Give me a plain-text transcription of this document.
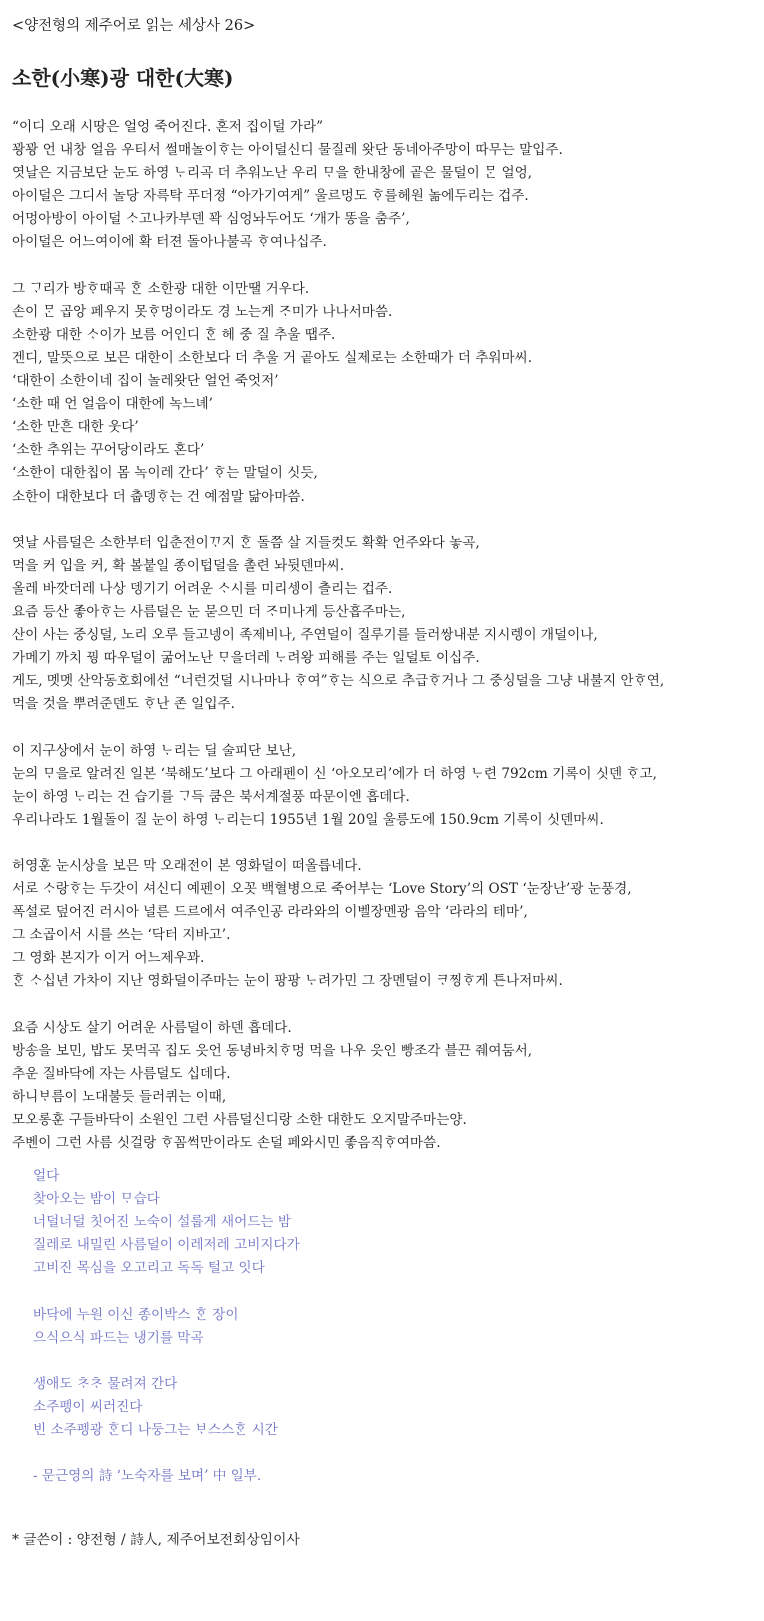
<양전형의 제주어로 읽는 세상사 26>
소한(小寒)광 대한(大寒)
“이디 오래 시땅은 얼엉 죽어진다. 혼저 집이덜 가라”
꽝꽝 언 내창 얼음 우티서 썰매놀이ᄒᆞ는 아이덜신디 물질레 왓단 동네아주망이 따무는 말입주.
엿날은 지금보단 눈도 하영 ᄂᆞ리곡 더 추워노난 우리 ᄆᆞ을 한내창에 곹은 물덜이 ᄆᆞᆫ 얼엉,
아이덜은 그디서 놀당 자륵탁 푸더졍 “아가기여게” 울르멍도 ᄒᆞ를헤원 놂에두리는 겁주.
어멍아방이 아이덜 ᄉᆞ고나카부덴 꽉 심엉놔두어도 ‘개가 똥을 춤주’,
아이덜은 어느여이에 확 터젼 돌아나불곡 ᄒᆞ여나십주.
그 ᄀᆞ리가 방ᄒᆞ때곡 ᄒᆞᆫ 소한광 대한 이만땔 거우다.
손이 ᄆᆞᆫ 곱앙 페우지 못ᄒᆞ멍이라도 경 노는게 ᄌᆞ미가 나나서마씀.
소한광 대한 ᄉᆞ이가 보름 어인디 ᄒᆞᆫ 헤 중 질 추울 땝주.
겐디, 말뜻으로 보믄 대한이 소한보다 더 추울 거 곹아도 실제로는 소한때가 더 추워마씨.
‘대한이 소한이네 집이 놀레왓단 얼언 죽엇저’
‘소한 때 언 얼음이 대한에 녹느녜’
‘소한 만흔 대한 웃다’
‘소한 추위는 꾸어당이라도 혼다’
‘소한이 대한칩이 몸 녹이레 간다’ ᄒᆞ는 말덜이 싯듯,
소한이 대한보다 더 춥뎅ᄒᆞ는 건 예점말 닮아마씀.
엿날 사름덜은 소한부터 입춘전이ᄁᆞ지 ᄒᆞᆫ 돌쯤 살 지들컷도 확확 언주와다 놓곡,
먹을 커 입을 커, 확 볼붙일 종이텁덜을 촐련 놔뒷덴마씨.
올레 바깟더레 나상 뎅기기 어려운 ᄉᆞ시를 미리셍이 츨리는 겁주.
요즘 등산 좋아ᄒᆞ는 사름덜은 눈 묻으민 더 ᄌᆞ미나게 등산흡주마는,
산이 사는 중싱덜, 노리 오루 들고넹이 족제비나, 주연덜이 질루기를 들러쌍내분 지시렝이 개덜이나,
가메기 까치 꿩 따우덜이 굶어노난 ᄆᆞ을더레 ᄂᆞ려왕 피해를 주는 일덜토 이십주.
게도, 멧멧 산악동호회에선 “너런것덜 시나마나 ᄒᆞ여”ᄒᆞ는 식으로 추급ᄒᆞ거나 그 중싱덜을 그냥 내불지 안ᄒᆞ연,
먹을 것을 뿌려준덴도 ᄒᆞ난 존 일입주.
이 지구상에서 눈이 하영 ᄂᆞ리는 딜 술피단 보난,
눈의 ᄆᆞ을로 알려진 일본 ‘북해도’보다 그 아래펜이 신 ‘아오모리’에가 더 하영 ᄂᆞ련 792cm 기록이 싯덴 ᄒᆞ고,
눈이 하영 ᄂᆞ리는 건 습기를 ᄀᆞ득 쿰은 북서계절풍 따문이엔 흡데다.
우리나라도 1월돌이 질 눈이 하영 ᄂᆞ리는디 1955년 1월 20일 울릉도에 150.9cm 기록이 싯덴마씨.
허영훈 눈시상을 보믄 막 오래전이 본 영화덜이 떠올릅네다.
서로 ᄉᆞ랑ᄒᆞ는 두갓이 셔신디 예펜이 오꼿 백혈병으로 죽어부는 ‘Love Story’의 OST ‘눈장난’광 눈풍경,
폭설로 덮어진 러시아 널른 드르에서 여주인공 라라와의 이벨장멘광 음악 ‘라라의 테마’,
그 소곱이서 시를 쓰는 ‘닥터 지바고’.
그 영화 본지가 이거 어느제우꽈.
ᄒᆞᆫ ᄉᆞ십년 가차이 지난 영화덜이주마는 눈이 팡팡 ᄂᆞ려가민 그 장멘덜이 ᄏᆞ찡ᄒᆞ게 튼나저마씨.
요즘 시상도 살기 어려운 사름덜이 하덴 흡데다.
방송을 보민, 밥도 못먹곡 집도 읏언 동녕바치ᄒᆞ멍 먹을 나우 읏인 빵조각 블끈 줴여둠서,
추운 질바닥에 자는 사름덜도 십데다.
하니ᄇᆞ름이 노대불듯 들러퀴는 이때,
모오롱훈 구들바닥이 소원인 그런 사름덜신디랑 소한 대한도 오지말주마는양.
주벤이 그런 사름 싯걸랑 ᄒᆞ꼼썩만이라도 손덜 페와시민 좋음직ᄒᆞ여마씀.
얼다
찾아오는 밤이 ᄆᆞ습다
너덜너덜 칫어진 노숙이 설룹게 새어드는 밤
질레로 내밀린 사름덜이 이레저레 고비지다가
고비진 목심을 오고리고 독독 털고 잇다
바닥에 누원 이신 종이박스 ᄒᆞᆫ 장이
으식으식 파드는 냉기를 막곡
생애도 ᄎᆞᄎᆞ 물려져 간다
소주펭이 씨러진다
빈 소주펭광 ᄒᆞᆫ디 나둥그는 ᄇᆞ스스ᄒᆞᆫ 시간
- 문근영의 詩 ‘노숙자를 보며’ 中 일부.
* 글쓴이 : 양전형 / 詩人, 제주어보전회상임이사
